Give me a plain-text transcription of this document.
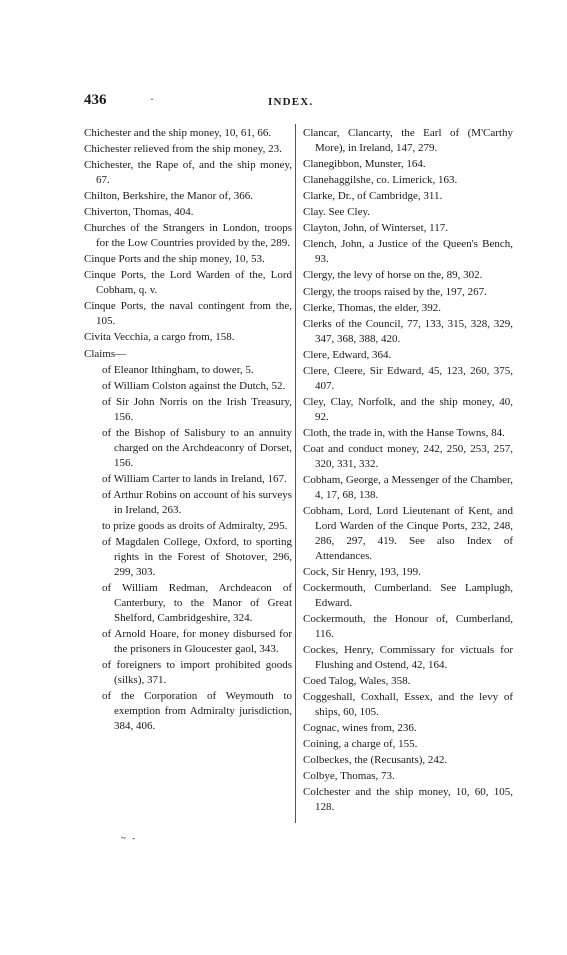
436	·	INDEX.
Chichester and the ship money, 10, 61, 66.
Chichester relieved from the ship money, 23.
Chichester, the Rape of, and the ship money, 67.
Chilton, Berkshire, the Manor of, 366.
Chiverton, Thomas, 404.
Churches of the Strangers in London, troops for the Low Countries provided by the, 289.
Cinque Ports and the ship money, 10, 53.
Cinque Ports, the Lord Warden of the, Lord Cobham, q. v.
Cinque Ports, the naval contingent from the, 105.
Civita Vecchia, a cargo from, 158.
Claims—
of Eleanor Ithingham, to dower, 5.
of William Colston against the Dutch, 52.
of Sir John Norris on the Irish Treasury, 156.
of the Bishop of Salisbury to an annuity charged on the Archdeaconry of Dorset, 156.
of William Carter to lands in Ireland, 167.
of Arthur Robins on account of his surveys in Ireland, 263.
to prize goods as droits of Admiralty, 295.
of Magdalen College, Oxford, to sporting rights in the Forest of Shotover, 296, 299, 303.
of William Redman, Archdeacon of Canterbury, to the Manor of Great Shelford, Cambridgeshire, 324.
of Arnold Hoare, for money disbursed for the prisoners in Gloucester gaol, 343.
of foreigners to import prohibited goods (silks), 371.
of the Corporation of Weymouth to exemption from Admiralty jurisdiction, 384, 406.
Clancar, Clancarty, the Earl of (M'Carthy More), in Ireland, 147, 279.
Clanegibbon, Munster, 164.
Clanehaggilshe, co. Limerick, 163.
Clarke, Dr., of Cambridge, 311.
Clay. See Cley.
Clayton, John, of Winterset, 117.
Clench, John, a Justice of the Queen's Bench, 93.
Clergy, the levy of horse on the, 89, 302.
Clergy, the troops raised by the, 197, 267.
Clerke, Thomas, the elder, 392.
Clerks of the Council, 77, 133, 315, 328, 329, 347, 368, 388, 420.
Clere, Edward, 364.
Clere, Cleere, Sir Edward, 45, 123, 260, 375, 407.
Cley, Clay, Norfolk, and the ship money, 40, 92.
Cloth, the trade in, with the Hanse Towns, 84.
Coat and conduct money, 242, 250, 253, 257, 320, 331, 332.
Cobham, George, a Messenger of the Chamber, 4, 17, 68, 138.
Cobham, Lord, Lord Lieutenant of Kent, and Lord Warden of the Cinque Ports, 232, 248, 286, 297, 419. See also Index of Attendances.
Cock, Sir Henry, 193, 199.
Cockermouth, Cumberland. See Lamplugh, Edward.
Cockermouth, the Honour of, Cumberland, 116.
Cockes, Henry, Commissary for victuals for Flushing and Ostend, 42, 164.
Coed Talog, Wales, 358.
Coggeshall, Coxhall, Essex, and the levy of ships, 60, 105.
Cognac, wines from, 236.
Coining, a charge of, 155.
Colbeckes, the (Recusants), 242.
Colbye, Thomas, 73.
Colchester and the ship money, 10, 60, 105, 128.
~ -
